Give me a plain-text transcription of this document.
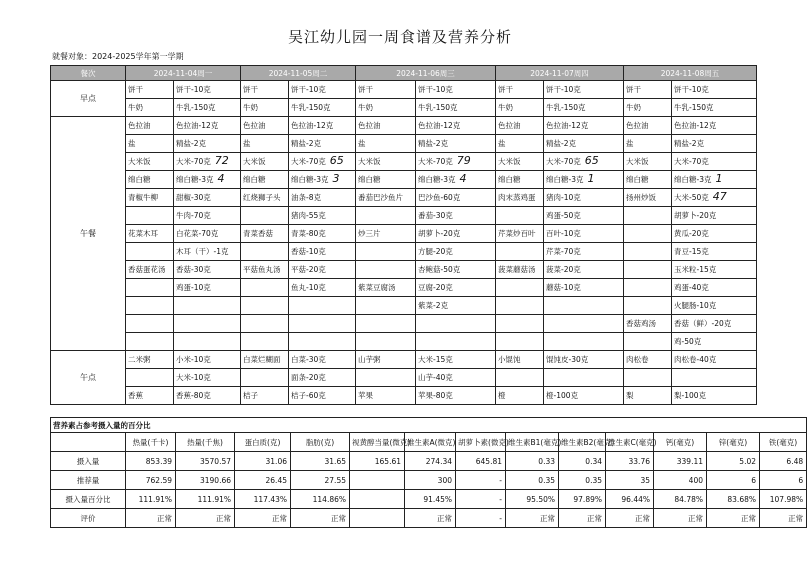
吴江幼儿园一周食谱及营养分析
就餐对象：2024-2025学年第一学期
餐次	2024-11-04周一		2024-11-05周二		2024-11-06周三		2024-11-07周四		2024-11-08周五	
早点	饼干	饼干-10克	饼干	饼干-10克	饼干	饼干-10克	饼干	饼干-10克	饼干	饼干-10克
	牛奶	牛乳-150克	牛奶	牛乳-150克	牛奶	牛乳-150克	牛奶	牛乳-150克	牛奶	牛乳-150克
午餐	色拉油	色拉油-12克	色拉油	色拉油-12克	色拉油	色拉油-12克	色拉油	色拉油-12克	色拉油	色拉油-12克
	盐	精盐-2克	盐	精盐-2克	盐	精盐-2克	盐	精盐-2克	盐	精盐-2克
	大米饭	大米-70克 72	大米饭	大米-70克 65	大米饭	大米-70克 79	大米饭	大米-70克 65	大米饭	大米-70克
	绵白糖	绵白糖-3克 4	绵白糖	绵白糖-3克 3	绵白糖	绵白糖-3克 4	绵白糖	绵白糖-3克 1	绵白糖	绵白糖-3克 1
	青椒牛柳	甜椒-30克	红烧狮子头	油条-8克	番茄巴沙鱼片	巴沙鱼-60克	肉末蒸鸡蛋	猪肉-10克	扬州炒饭	大米-50克 47
		牛肉-70克		猪肉-55克		番茄-30克		鸡蛋-50克		胡萝卜-20克
	花菜木耳	白花菜-70克	青菜香菇	青菜-80克	炒三片	胡萝卜-20克	芹菜炒百叶	百叶-10克		黄瓜-20克
		木耳（干）-1克		香菇-10克		方腿-20克		芹菜-70克		青豆-15克
	香菇蛋花汤	香菇-30克	平菇鱼丸汤	平菇-20克		杏鲍菇-50克	菠菜蘑菇汤	菠菜-20克		玉米粒-15克
		鸡蛋-10克		鱼丸-10克	紫菜豆腐汤	豆腐-20克		蘑菇-10克		鸡蛋-40克
						紫菜-2克				火腿肠-10克
									香菇鸡汤	香菇（鲜）-20克
										鸡-50克
午点	二米粥	小米-10克	白菜烂糊面	白菜-30克	山芋粥	大米-15克	小馄饨	馄饨皮-30克	肉松卷	肉松卷-40克
		大米-10克		面条-20克		山芋-40克				
	香蕉	香蕉-80克	桔子	桔子-60克	苹果	苹果-80克	橙	橙-100克	梨	梨-100克
营养素占参考摄入量的百分比													
	热量(千卡)	热量(千焦)	蛋白质(克)	脂肪(克)	视黄醇当量(微克)	维生素A(微克)	胡萝卜素(微克)	维生素B1(毫克)	维生素B2(毫克)	维生素C(毫克)	钙(毫克)	锌(毫克)	铁(毫克)
摄入量	853.39	3570.57	31.06	31.65	165.61	274.34	645.81	0.33	0.34	33.76	339.11	5.02	6.48
推荐量	762.59	3190.66	26.45	27.55		300	-	0.35	0.35	35	400	6	6
摄入量百分比	111.91%	111.91%	117.43%	114.86%		91.45%	-	95.50%	97.89%	96.44%	84.78%	83.68%	107.98%
评价	正常	正常	正常	正常		正常	-	正常	正常	正常	正常	正常	正常
